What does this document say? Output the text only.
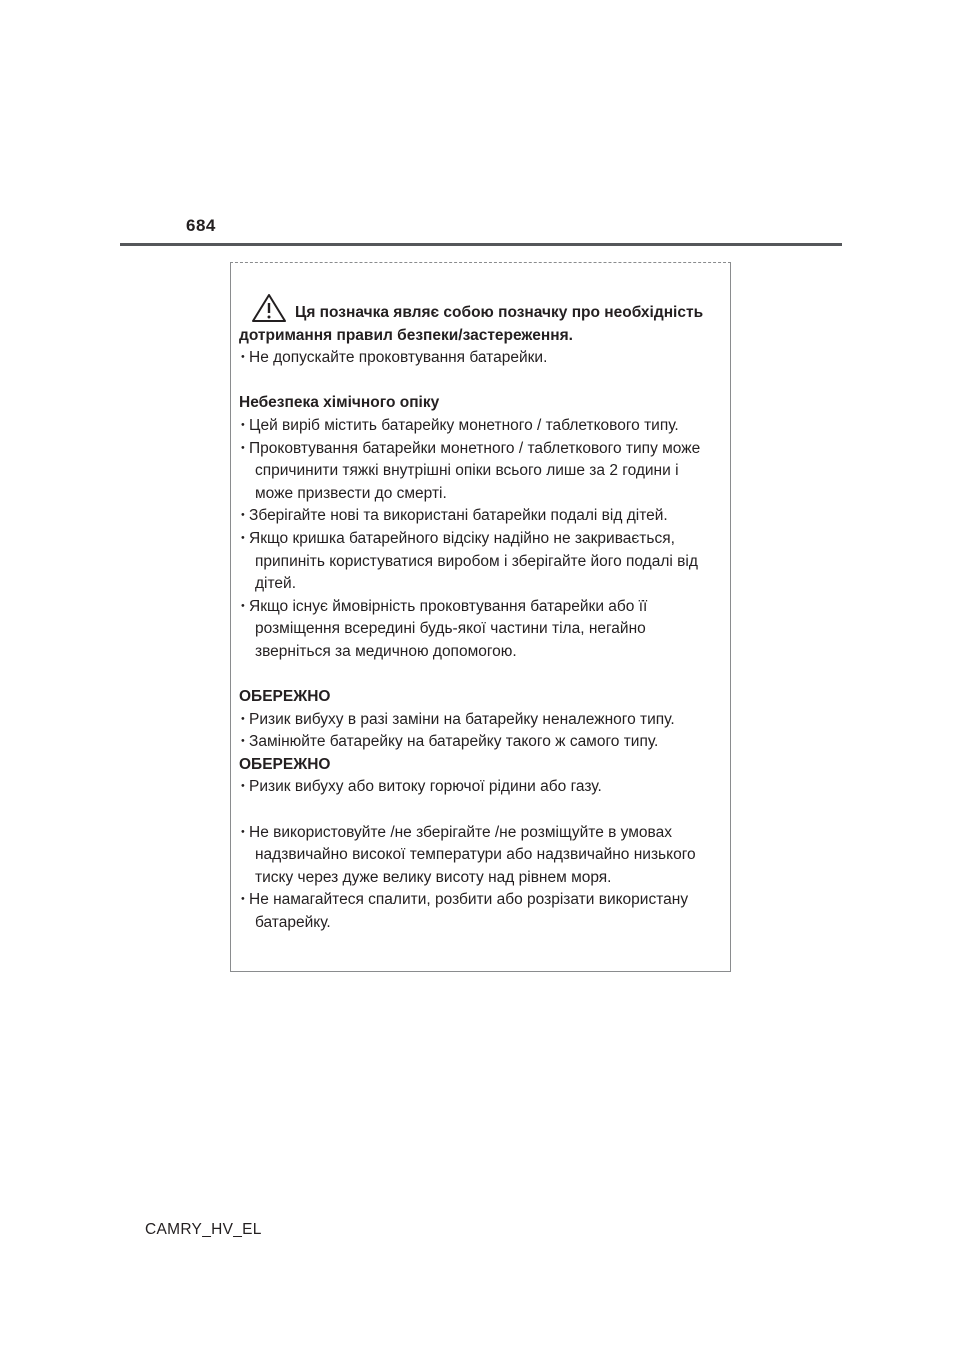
684

Ця позначка являє собою позначку про необхідність

дотримання правил безпеки/застереження.

･ Не допускайте проковтування батарейки.

Небезпека хімічного опіку

･ Цей виріб містить батарейку монетного / таблеткового типу.

･ Проковтування батарейки монетного / таблеткового типу може

спричинити тяжкі внутрішні опіки всього лише за 2 години і

може призвести до смерті.

･ Зберігайте нові та використані батарейки подалі від дітей.

･ Якщо кришка батарейного відсіку надійно не закривається,

припиніть користуватися виробом і зберігайте його подалі від

дітей.

･ Якщо існує ймовірність проковтування батарейки або її

розміщення всередині будь-якої частини тіла, негайно

зверніться за медичною допомогою.

ОБЕРЕЖНО

･ Ризик вибуху в разі заміни на батарейку неналежного типу.

･ Замінюйте батарейку на батарейку такого ж самого типу.

ОБЕРЕЖНО

･ Ризик вибуху або витоку горючої рідини або газу.

･ Не використовуйте /не зберігайте /не розміщуйте в умовах

надзвичайно високої температури або надзвичайно низького

тиску через дуже велику висоту над рівнем моря.

･ Не намагайтеся спалити, розбити або розрізати використану

батарейку.

CAMRY_HV_EL
